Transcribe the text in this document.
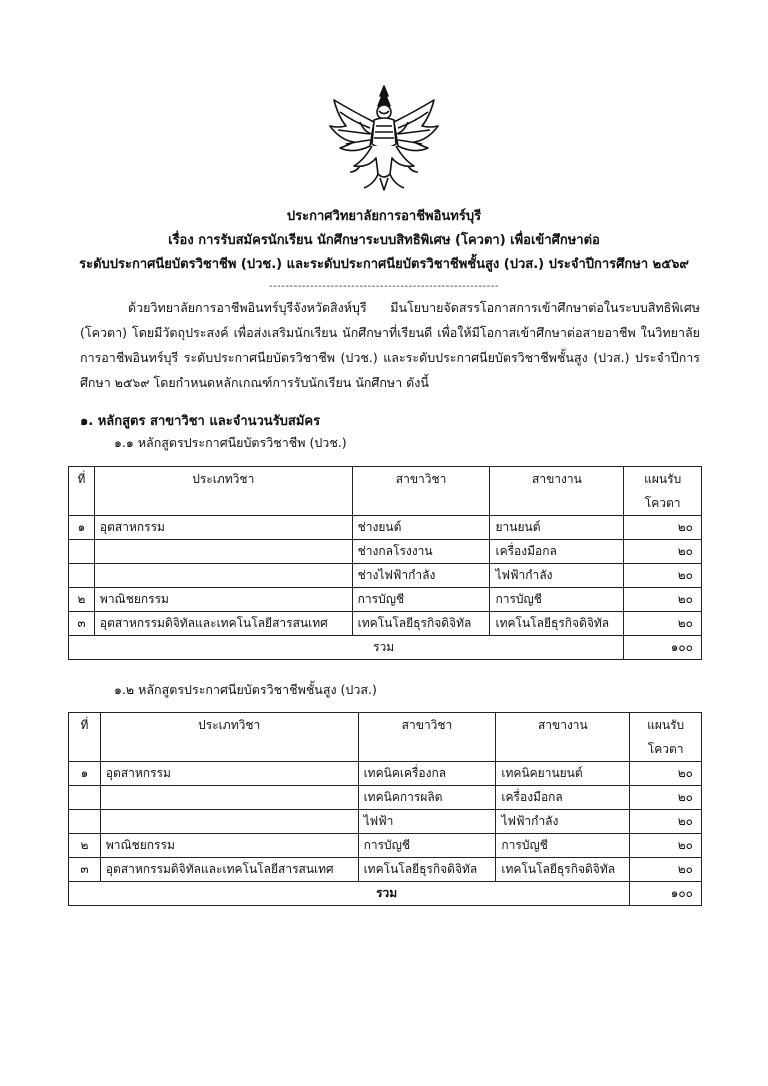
ประกาศวิทยาลัยการอาชีพอินทร์บุรี
เรื่อง การรับสมัครนักเรียน นักศึกษาระบบสิทธิพิเศษ (โควตา) เพื่อเข้าศึกษาต่อ
ระดับประกาศนียบัตรวิชาชีพ (ปวช.) และระดับประกาศนียบัตรวิชาชีพชั้นสูง (ปวส.) ประจำปีการศึกษา ๒๕๖๙
--------------------------------------------------------
ด้วยวิทยาลัยการอาชีพอินทร์บุรีจังหวัดสิงห์บุรี มีนโยบายจัดสรรโอกาสการเข้าศึกษาต่อในระบบสิทธิพิเศษ (โควตา) โดยมีวัตถุประสงค์ เพื่อส่งเสริมนักเรียน นักศึกษาที่เรียนดี เพื่อให้มีโอกาสเข้าศึกษาต่อสายอาชีพ ในวิทยาลัยการอาชีพอินทร์บุรี ระดับประกาศนียบัตรวิชาชีพ (ปวช.) และระดับประกาศนียบัตรวิชาชีพชั้นสูง (ปวส.) ประจำปีการศึกษา ๒๕๖๙ โดยกำหนดหลักเกณฑ์การรับนักเรียน นักศึกษา ดังนี้
๑. หลักสูตร สาขาวิชา และจำนวนรับสมัคร
๑.๑ หลักสูตรประกาศนียบัตรวิชาชีพ (ปวช.)
ที่	ประเภทวิชา	สาขาวิชา	สาขางาน	แผนรับ
				โควตา
๑	อุตสาหกรรม	ช่างยนต์	ยานยนต์	๒๐
		ช่างกลโรงงาน	เครื่องมือกล	๒๐
		ช่างไฟฟ้ากำลัง	ไฟฟ้ากำลัง	๒๐
๒	พาณิชยกรรม	การบัญชี	การบัญชี	๒๐
๓	อุตสาหกรรมดิจิทัลและเทคโนโลยีสารสนเทศ	เทคโนโลยีธุรกิจดิจิทัล	เทคโนโลยีธุรกิจดิจิทัล	๒๐
รวม				๑๐๐
๑.๒ หลักสูตรประกาศนียบัตรวิชาชีพชั้นสูง (ปวส.)
ที่	ประเภทวิชา	สาขาวิชา	สาขางาน	แผนรับ
				โควตา
๑	อุตสาหกรรม	เทคนิคเครื่องกล	เทคนิคยานยนต์	๒๐
		เทคนิคการผลิต	เครื่องมือกล	๒๐
		ไฟฟ้า	ไฟฟ้ากำลัง	๒๐
๒	พาณิชยกรรม	การบัญชี	การบัญชี	๒๐
๓	อุตสาหกรรมดิจิทัลและเทคโนโลยีสารสนเทศ	เทคโนโลยีธุรกิจดิจิทัล	เทคโนโลยีธุรกิจดิจิทัล	๒๐
รวม				๑๐๐
